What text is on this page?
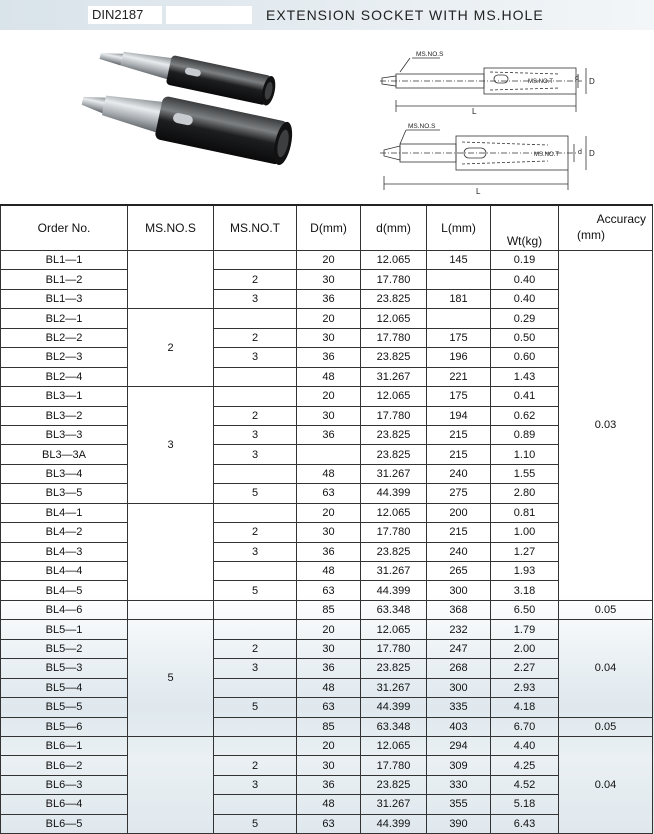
DIN2187	EXTENSION SOCKET WITH MS.HOLE
MS.NO.S
MS.NO.T
L
D
d
MS.NO.S
MS.NO.T
L
D
d
Order No.	MS.NO.S	MS.NO.T	D(mm)	d(mm)	L(mm)	Wt(kg)	Accuracy
(mm)

BL1—1			20	12.065	145	0.19	0.03
BL1—2		2	30	17.780		0.40	
BL1—3		3	36	23.825	181	0.40	
BL2—1	2		20	12.065		0.29	
BL2—2		2	30	17.780	175	0.50	
BL2—3		3	36	23.825	196	0.60	
BL2—4			48	31.267	221	1.43	
BL3—1	3		20	12.065	175	0.41	
BL3—2		2	30	17.780	194	0.62	
BL3—3		3	36	23.825	215	0.89	
BL3—3A		3		23.825	215	1.10	
BL3—4			48	31.267	240	1.55	
BL3—5		5	63	44.399	275	2.80	
BL4—1			20	12.065	200	0.81	
BL4—2		2	30	17.780	215	1.00	
BL4—3		3	36	23.825	240	1.27	
BL4—4			48	31.267	265	1.93	
BL4—5		5	63	44.399	300	3.18	
BL4—6			85	63.348	368	6.50	0.05
BL5—1	5		20	12.065	232	1.79	0.04
BL5—2		2	30	17.780	247	2.00	
BL5—3		3	36	23.825	268	2.27	
BL5—4			48	31.267	300	2.93	
BL5—5		5	63	44.399	335	4.18	
BL5—6			85	63.348	403	6.70	0.05
BL6—1			20	12.065	294	4.40	0.04
BL6—2		2	30	17.780	309	4.25	
BL6—3		3	36	23.825	330	4.52	
BL6—4			48	31.267	355	5.18	
BL6—5		5	63	44.399	390	6.43	
